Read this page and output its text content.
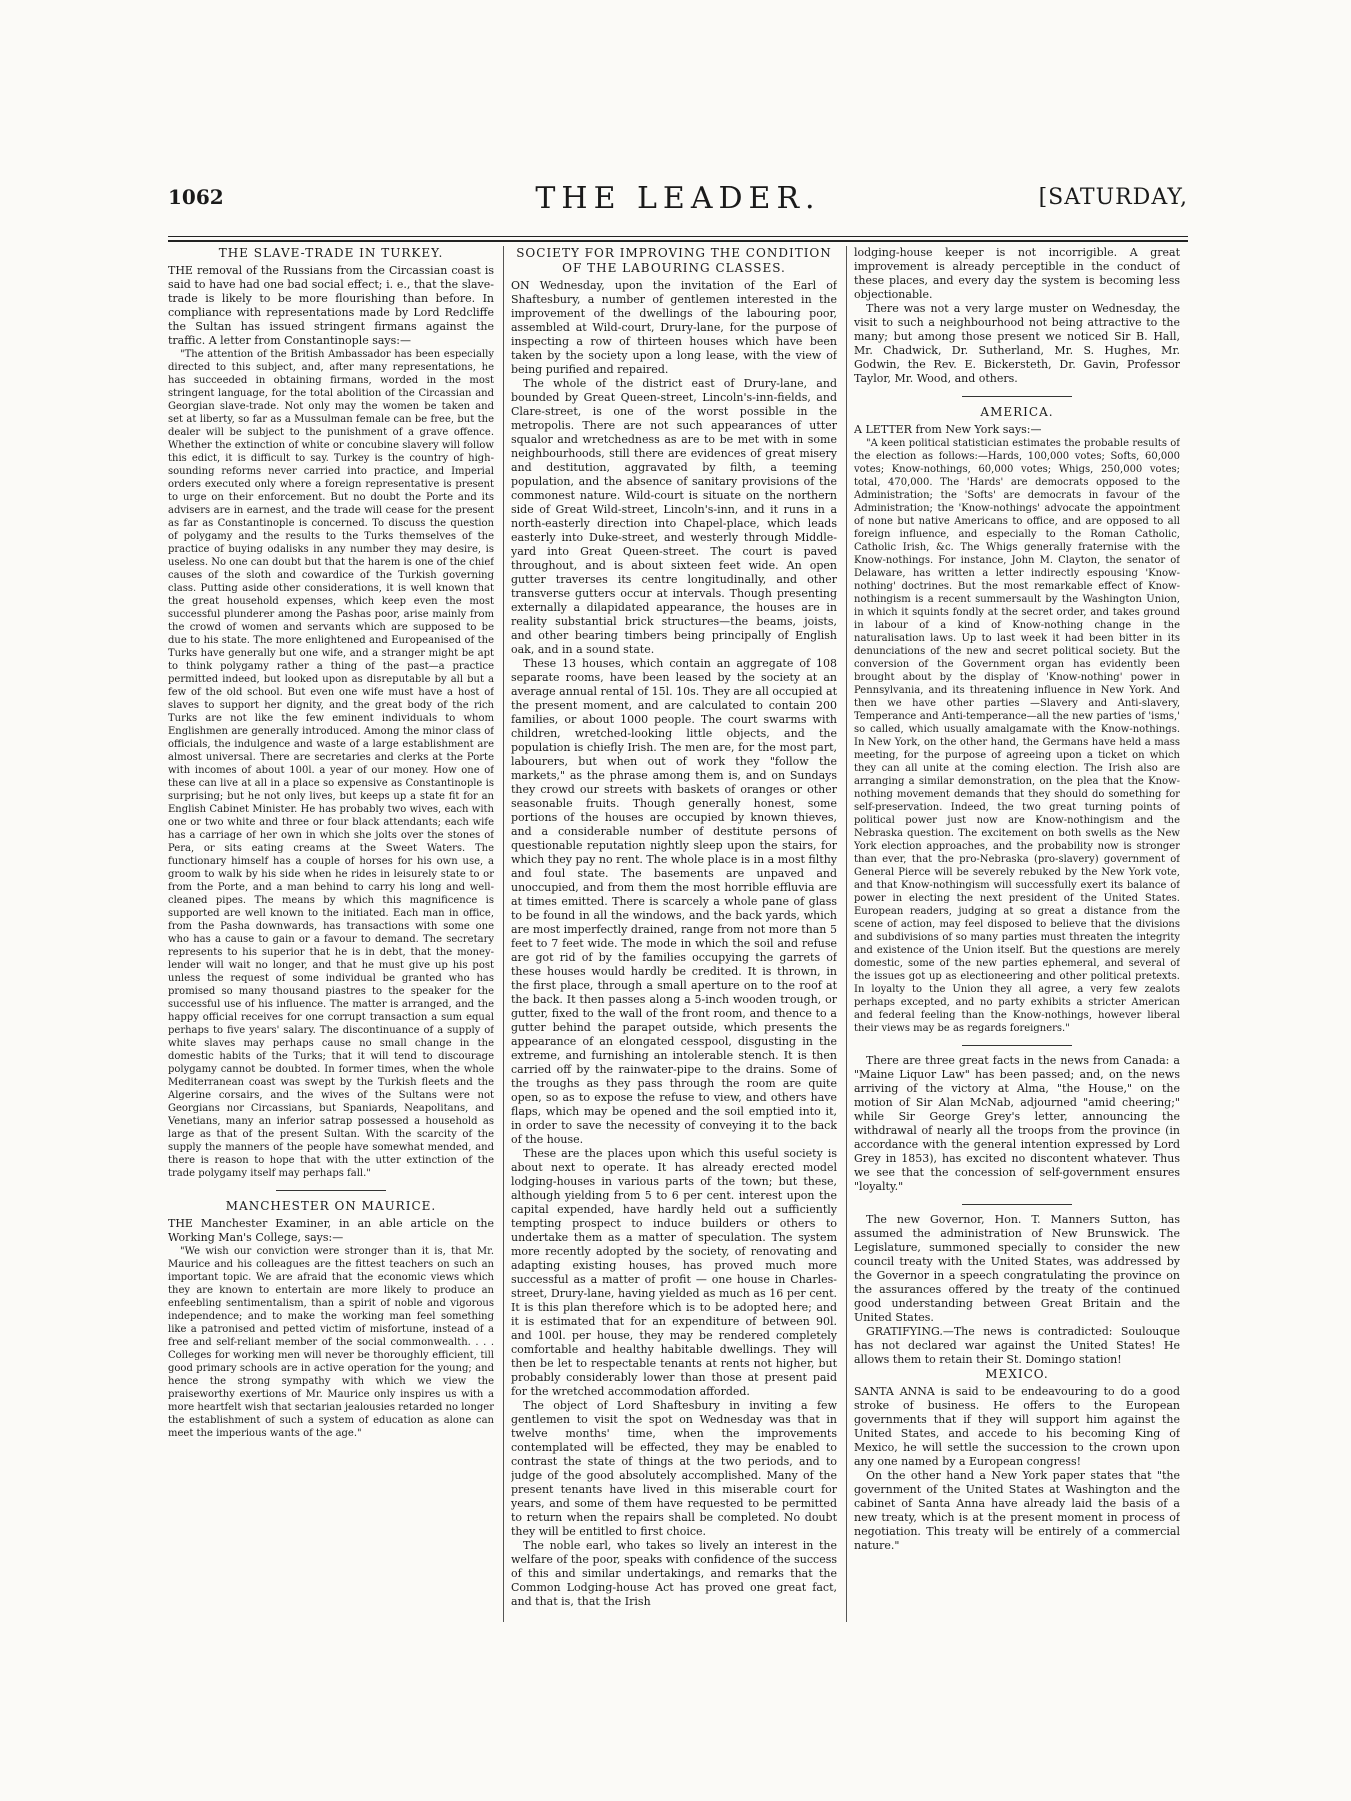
1062	THE LEADER.	[SATURDAY,
THE SLAVE-TRADE IN TURKEY.

THE removal of the Russians from the Circassian coast is said to have had one bad social effect; i. e., that the slave-trade is likely to be more flourishing than before. In compliance with representations made by Lord Redcliffe the Sultan has issued stringent firmans against the traffic. A letter from Constantinople says:—

"The attention of the British Ambassador has been especially directed to this subject, and, after many representations, he has succeeded in obtaining firmans, worded in the most stringent language, for the total abolition of the Circassian and Georgian slave-trade. Not only may the women be taken and set at liberty, so far as a Mussulman female can be free, but the dealer will be subject to the punishment of a grave offence. Whether the extinction of white or concubine slavery will follow this edict, it is difficult to say. Turkey is the country of high-sounding reforms never carried into practice, and Imperial orders executed only where a foreign representative is present to urge on their enforcement. But no doubt the Porte and its advisers are in earnest, and the trade will cease for the present as far as Constantinople is concerned. To discuss the question of polygamy and the results to the Turks themselves of the practice of buying odalisks in any number they may desire, is useless. No one can doubt but that the harem is one of the chief causes of the sloth and cowardice of the Turkish governing class. Putting aside other considerations, it is well known that the great household expenses, which keep even the most successful plunderer among the Pashas poor, arise mainly from the crowd of women and servants which are supposed to be due to his state. The more enlightened and Europeanised of the Turks have generally but one wife, and a stranger might be apt to think polygamy rather a thing of the past—a practice permitted indeed, but looked upon as disreputable by all but a few of the old school. But even one wife must have a host of slaves to support her dignity, and the great body of the rich Turks are not like the few eminent individuals to whom Englishmen are generally introduced. Among the minor class of officials, the indulgence and waste of a large establishment are almost universal. There are secretaries and clerks at the Porte with incomes of about 100l. a year of our money. How one of these can live at all in a place so expensive as Constantinople is surprising; but he not only lives, but keeps up a state fit for an English Cabinet Minister. He has probably two wives, each with one or two white and three or four black attendants; each wife has a carriage of her own in which she jolts over the stones of Pera, or sits eating creams at the Sweet Waters. The functionary himself has a couple of horses for his own use, a groom to walk by his side when he rides in leisurely state to or from the Porte, and a man behind to carry his long and well-cleaned pipes. The means by which this magnificence is supported are well known to the initiated. Each man in office, from the Pasha downwards, has transactions with some one who has a cause to gain or a favour to demand. The secretary represents to his superior that he is in debt, that the money-lender will wait no longer, and that he must give up his post unless the request of some individual be granted who has promised so many thousand piastres to the speaker for the successful use of his influence. The matter is arranged, and the happy official receives for one corrupt transaction a sum equal perhaps to five years' salary. The discontinuance of a supply of white slaves may perhaps cause no small change in the domestic habits of the Turks; that it will tend to discourage polygamy cannot be doubted. In former times, when the whole Mediterranean coast was swept by the Turkish fleets and the Algerine corsairs, and the wives of the Sultans were not Georgians nor Circassians, but Spaniards, Neapolitans, and Venetians, many an inferior satrap possessed a household as large as that of the present Sultan. With the scarcity of the supply the manners of the people have somewhat mended, and there is reason to hope that with the utter extinction of the trade polygamy itself may perhaps fall."

MANCHESTER ON MAURICE.

THE Manchester Examiner, in an able article on the Working Man's College, says:—

"We wish our conviction were stronger than it is, that Mr. Maurice and his colleagues are the fittest teachers on such an important topic. We are afraid that the economic views which they are known to entertain are more likely to produce an enfeebling sentimentalism, than a spirit of noble and vigorous independence; and to make the working man feel something like a patronised and petted victim of misfortune, instead of a free and self-reliant member of the social commonwealth. . . . Colleges for working men will never be thoroughly efficient, till good primary schools are in active operation for the young; and hence the strong sympathy with which we view the praiseworthy exertions of Mr. Maurice only inspires us with a more heartfelt wish that sectarian jealousies retarded no longer the establishment of such a system of education as alone can meet the imperious wants of the age."

SOCIETY FOR IMPROVING THE CONDITION OF THE LABOURING CLASSES.

ON Wednesday, upon the invitation of the Earl of Shaftesbury, a number of gentlemen interested in the improvement of the dwellings of the labouring poor, assembled at Wild-court, Drury-lane, for the purpose of inspecting a row of thirteen houses which have been taken by the society upon a long lease, with the view of being purified and repaired.

The whole of the district east of Drury-lane, and bounded by Great Queen-street, Lincoln's-inn-fields, and Clare-street, is one of the worst possible in the metropolis. There are not such appearances of utter squalor and wretchedness as are to be met with in some neighbourhoods, still there are evidences of great misery and destitution, aggravated by filth, a teeming population, and the absence of sanitary provisions of the commonest nature. Wild-court is situate on the northern side of Great Wild-street, Lincoln's-inn, and it runs in a north-easterly direction into Chapel-place, which leads easterly into Duke-street, and westerly through Middle-yard into Great Queen-street. The court is paved throughout, and is about sixteen feet wide. An open gutter traverses its centre longitudinally, and other transverse gutters occur at intervals. Though presenting externally a dilapidated appearance, the houses are in reality substantial brick structures—the beams, joists, and other bearing timbers being principally of English oak, and in a sound state.

These 13 houses, which contain an aggregate of 108 separate rooms, have been leased by the society at an average annual rental of 15l. 10s. They are all occupied at the present moment, and are calculated to contain 200 families, or about 1000 people. The court swarms with children, wretched-looking little objects, and the population is chiefly Irish. The men are, for the most part, labourers, but when out of work they "follow the markets," as the phrase among them is, and on Sundays they crowd our streets with baskets of oranges or other seasonable fruits. Though generally honest, some portions of the houses are occupied by known thieves, and a considerable number of destitute persons of questionable reputation nightly sleep upon the stairs, for which they pay no rent. The whole place is in a most filthy and foul state. The basements are unpaved and unoccupied, and from them the most horrible effluvia are at times emitted. There is scarcely a whole pane of glass to be found in all the windows, and the back yards, which are most imperfectly drained, range from not more than 5 feet to 7 feet wide. The mode in which the soil and refuse are got rid of by the families occupying the garrets of these houses would hardly be credited. It is thrown, in the first place, through a small aperture on to the roof at the back. It then passes along a 5-inch wooden trough, or gutter, fixed to the wall of the front room, and thence to a gutter behind the parapet outside, which presents the appearance of an elongated cesspool, disgusting in the extreme, and furnishing an intolerable stench. It is then carried off by the rainwater-pipe to the drains. Some of the troughs as they pass through the room are quite open, so as to expose the refuse to view, and others have flaps, which may be opened and the soil emptied into it, in order to save the necessity of conveying it to the back of the house.

These are the places upon which this useful society is about next to operate. It has already erected model lodging-houses in various parts of the town; but these, although yielding from 5 to 6 per cent. interest upon the capital expended, have hardly held out a sufficiently tempting prospect to induce builders or others to undertake them as a matter of speculation. The system more recently adopted by the society, of renovating and adapting existing houses, has proved much more successful as a matter of profit — one house in Charles-street, Drury-lane, having yielded as much as 16 per cent. It is this plan therefore which is to be adopted here; and it is estimated that for an expenditure of between 90l. and 100l. per house, they may be rendered completely comfortable and healthy habitable dwellings. They will then be let to respectable tenants at rents not higher, but probably considerably lower than those at present paid for the wretched accommodation afforded.

The object of Lord Shaftesbury in inviting a few gentlemen to visit the spot on Wednesday was that in twelve months' time, when the improvements contemplated will be effected, they may be enabled to contrast the state of things at the two periods, and to judge of the good absolutely accomplished. Many of the present tenants have lived in this miserable court for years, and some of them have requested to be permitted to return when the repairs shall be completed. No doubt they will be entitled to first choice.

The noble earl, who takes so lively an interest in the welfare of the poor, speaks with confidence of the success of this and similar undertakings, and remarks that the Common Lodging-house Act has proved one great fact, and that is, that the Irish

lodging-house keeper is not incorrigible. A great improvement is already perceptible in the conduct of these places, and every day the system is becoming less objectionable.

There was not a very large muster on Wednesday, the visit to such a neighbourhood not being attractive to the many; but among those present we noticed Sir B. Hall, Mr. Chadwick, Dr. Sutherland, Mr. S. Hughes, Mr. Godwin, the Rev. E. Bickersteth, Dr. Gavin, Professor Taylor, Mr. Wood, and others.

AMERICA.

A LETTER from New York says:—

"A keen political statistician estimates the probable results of the election as follows:—Hards, 100,000 votes; Softs, 60,000 votes; Know-nothings, 60,000 votes; Whigs, 250,000 votes; total, 470,000. The 'Hards' are democrats opposed to the Administration; the 'Softs' are democrats in favour of the Administration; the 'Know-nothings' advocate the appointment of none but native Americans to office, and are opposed to all foreign influence, and especially to the Roman Catholic, Catholic Irish, &c. The Whigs generally fraternise with the Know-nothings. For instance, John M. Clayton, the senator of Delaware, has written a letter indirectly espousing 'Know-nothing' doctrines. But the most remarkable effect of Know-nothingism is a recent summersault by the Washington Union, in which it squints fondly at the secret order, and takes ground in labour of a kind of Know-nothing change in the naturalisation laws. Up to last week it had been bitter in its denunciations of the new and secret political society. But the conversion of the Government organ has evidently been brought about by the display of 'Know-nothing' power in Pennsylvania, and its threatening influence in New York. And then we have other parties —Slavery and Anti-slavery, Temperance and Anti-temperance—all the new parties of 'isms,' so called, which usually amalgamate with the Know-nothings. In New York, on the other hand, the Germans have held a mass meeting, for the purpose of agreeing upon a ticket on which they can all unite at the coming election. The Irish also are arranging a similar demonstration, on the plea that the Know-nothing movement demands that they should do something for self-preservation. Indeed, the two great turning points of political power just now are Know-nothingism and the Nebraska question. The excitement on both swells as the New York election approaches, and the probability now is stronger than ever, that the pro-Nebraska (pro-slavery) government of General Pierce will be severely rebuked by the New York vote, and that Know-nothingism will successfully exert its balance of power in electing the next president of the United States. European readers, judging at so great a distance from the scene of action, may feel disposed to believe that the divisions and subdivisions of so many parties must threaten the integrity and existence of the Union itself. But the questions are merely domestic, some of the new parties ephemeral, and several of the issues got up as electioneering and other political pretexts. In loyalty to the Union they all agree, a very few zealots perhaps excepted, and no party exhibits a stricter American and federal feeling than the Know-nothings, however liberal their views may be as regards foreigners."

There are three great facts in the news from Canada: a "Maine Liquor Law" has been passed; and, on the news arriving of the victory at Alma, "the House," on the motion of Sir Alan McNab, adjourned "amid cheering;" while Sir George Grey's letter, announcing the withdrawal of nearly all the troops from the province (in accordance with the general intention expressed by Lord Grey in 1853), has excited no discontent whatever. Thus we see that the concession of self-government ensures "loyalty."

The new Governor, Hon. T. Manners Sutton, has assumed the administration of New Brunswick. The Legislature, summoned specially to consider the new council treaty with the United States, was addressed by the Governor in a speech congratulating the province on the assurances offered by the treaty of the continued good understanding between Great Britain and the United States.

GRATIFYING.—The news is contradicted: Soulouque has not declared war against the United States! He allows them to retain their St. Domingo station!

MEXICO.

SANTA ANNA is said to be endeavouring to do a good stroke of business. He offers to the European governments that if they will support him against the United States, and accede to his becoming King of Mexico, he will settle the succession to the crown upon any one named by a European congress!

On the other hand a New York paper states that "the government of the United States at Washington and the cabinet of Santa Anna have already laid the basis of a new treaty, which is at the present moment in process of negotiation. This treaty will be entirely of a commercial nature."
